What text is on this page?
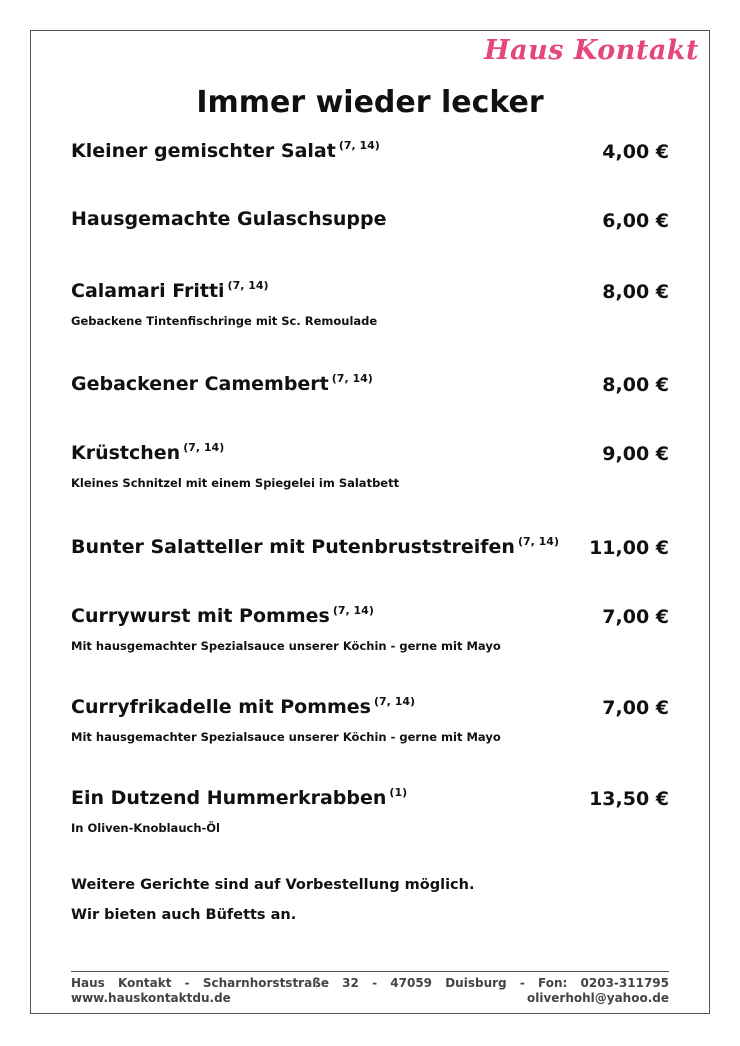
Haus Kontakt
Immer wieder lecker
Kleiner gemischter Salat $^{(7, 14)}$	4,00 €
Hausgemachte Gulaschsuppe	6,00 €
Calamari Fritti $^{(7, 14)}$	8,00 €
Gebackene Tintenfischringe mit Sc. Remoulade
Gebackener Camembert $^{(7, 14)}$	8,00 €
Krüstchen $^{(7, 14)}$	9,00 €
Kleines Schnitzel mit einem Spiegelei im Salatbett
Bunter Salatteller mit Putenbruststreifen $^{(7, 14)}$	11,00 €
Currywurst mit Pommes $^{(7, 14)}$	7,00 €
Mit hausgemachter Spezialsauce unserer Köchin - gerne mit Mayo
Curryfrikadelle mit Pommes $^{(7, 14)}$	7,00 €
Mit hausgemachter Spezialsauce unserer Köchin - gerne mit Mayo
Ein Dutzend Hummerkrabben $^{(1)}$	13,50 €
In Oliven-Knoblauch-Öl
Weitere Gerichte sind auf Vorbestellung möglich.
Wir bieten auch Büfetts an.
Haus Kontakt - Scharnhorststraße 32 - 47059 Duisburg - Fon: 0203-311795
www.hauskontaktdu.de	oliverhohl@yahoo.de
